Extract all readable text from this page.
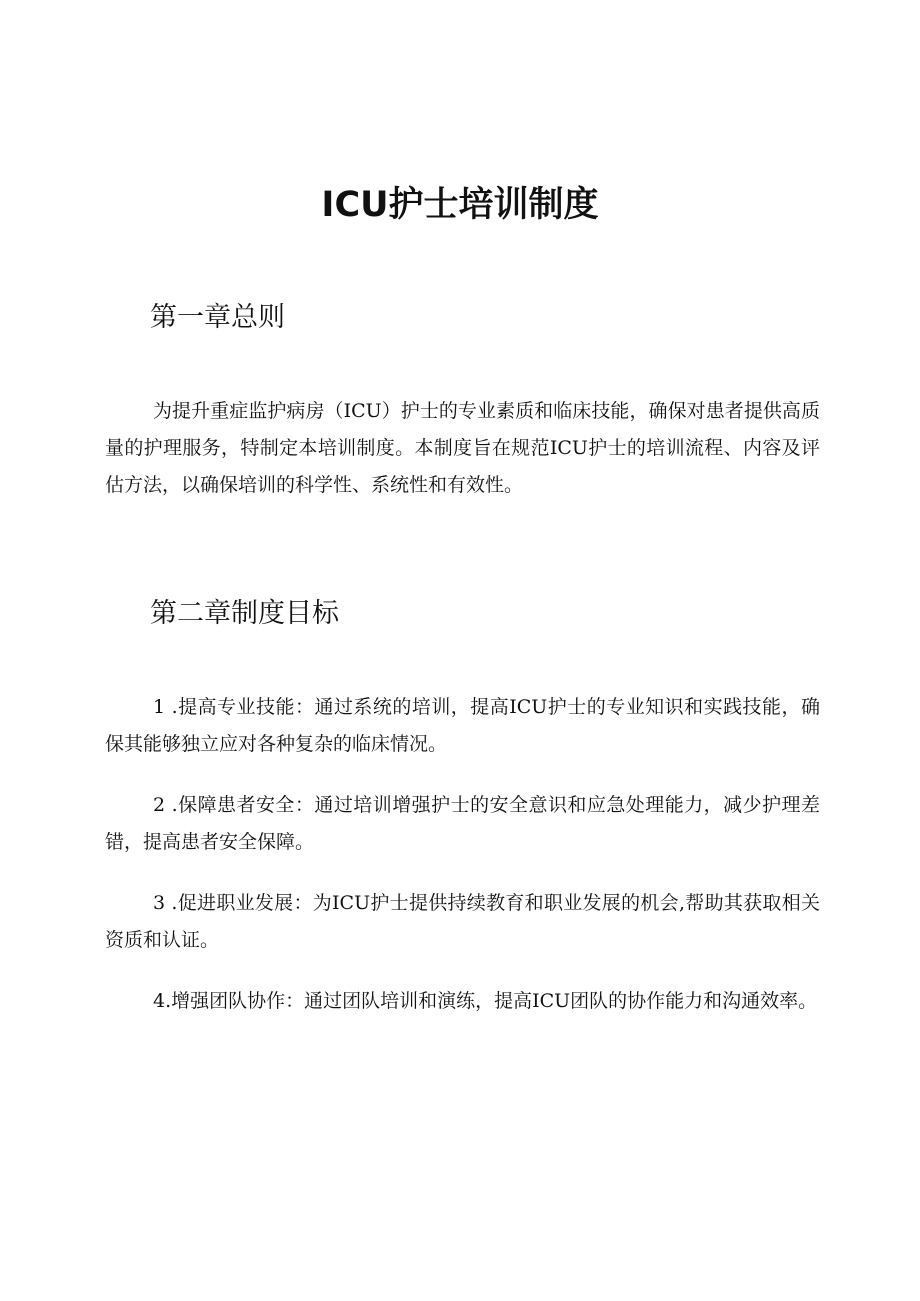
ICU护士培训制度
第一章总则

为提升重症监护病房（ICU）护士的专业素质和临床技能，确保对患者提供高质量的护理服务，特制定本培训制度。本制度旨在规范ICU护士的培训流程、内容及评估方法，以确保培训的科学性、系统性和有效性。

第二章制度目标

1 .提高专业技能：通过系统的培训，提高ICU护士的专业知识和实践技能，确保其能够独立应对各种复杂的临床情况。

2 .保障患者安全：通过培训增强护士的安全意识和应急处理能力，减少护理差错，提高患者安全保障。

3 .促进职业发展：为ICU护士提供持续教育和职业发展的机会,帮助其获取相关资质和认证。

4.增强团队协作：通过团队培训和演练，提高ICU团队的协作能力和沟通效率。
